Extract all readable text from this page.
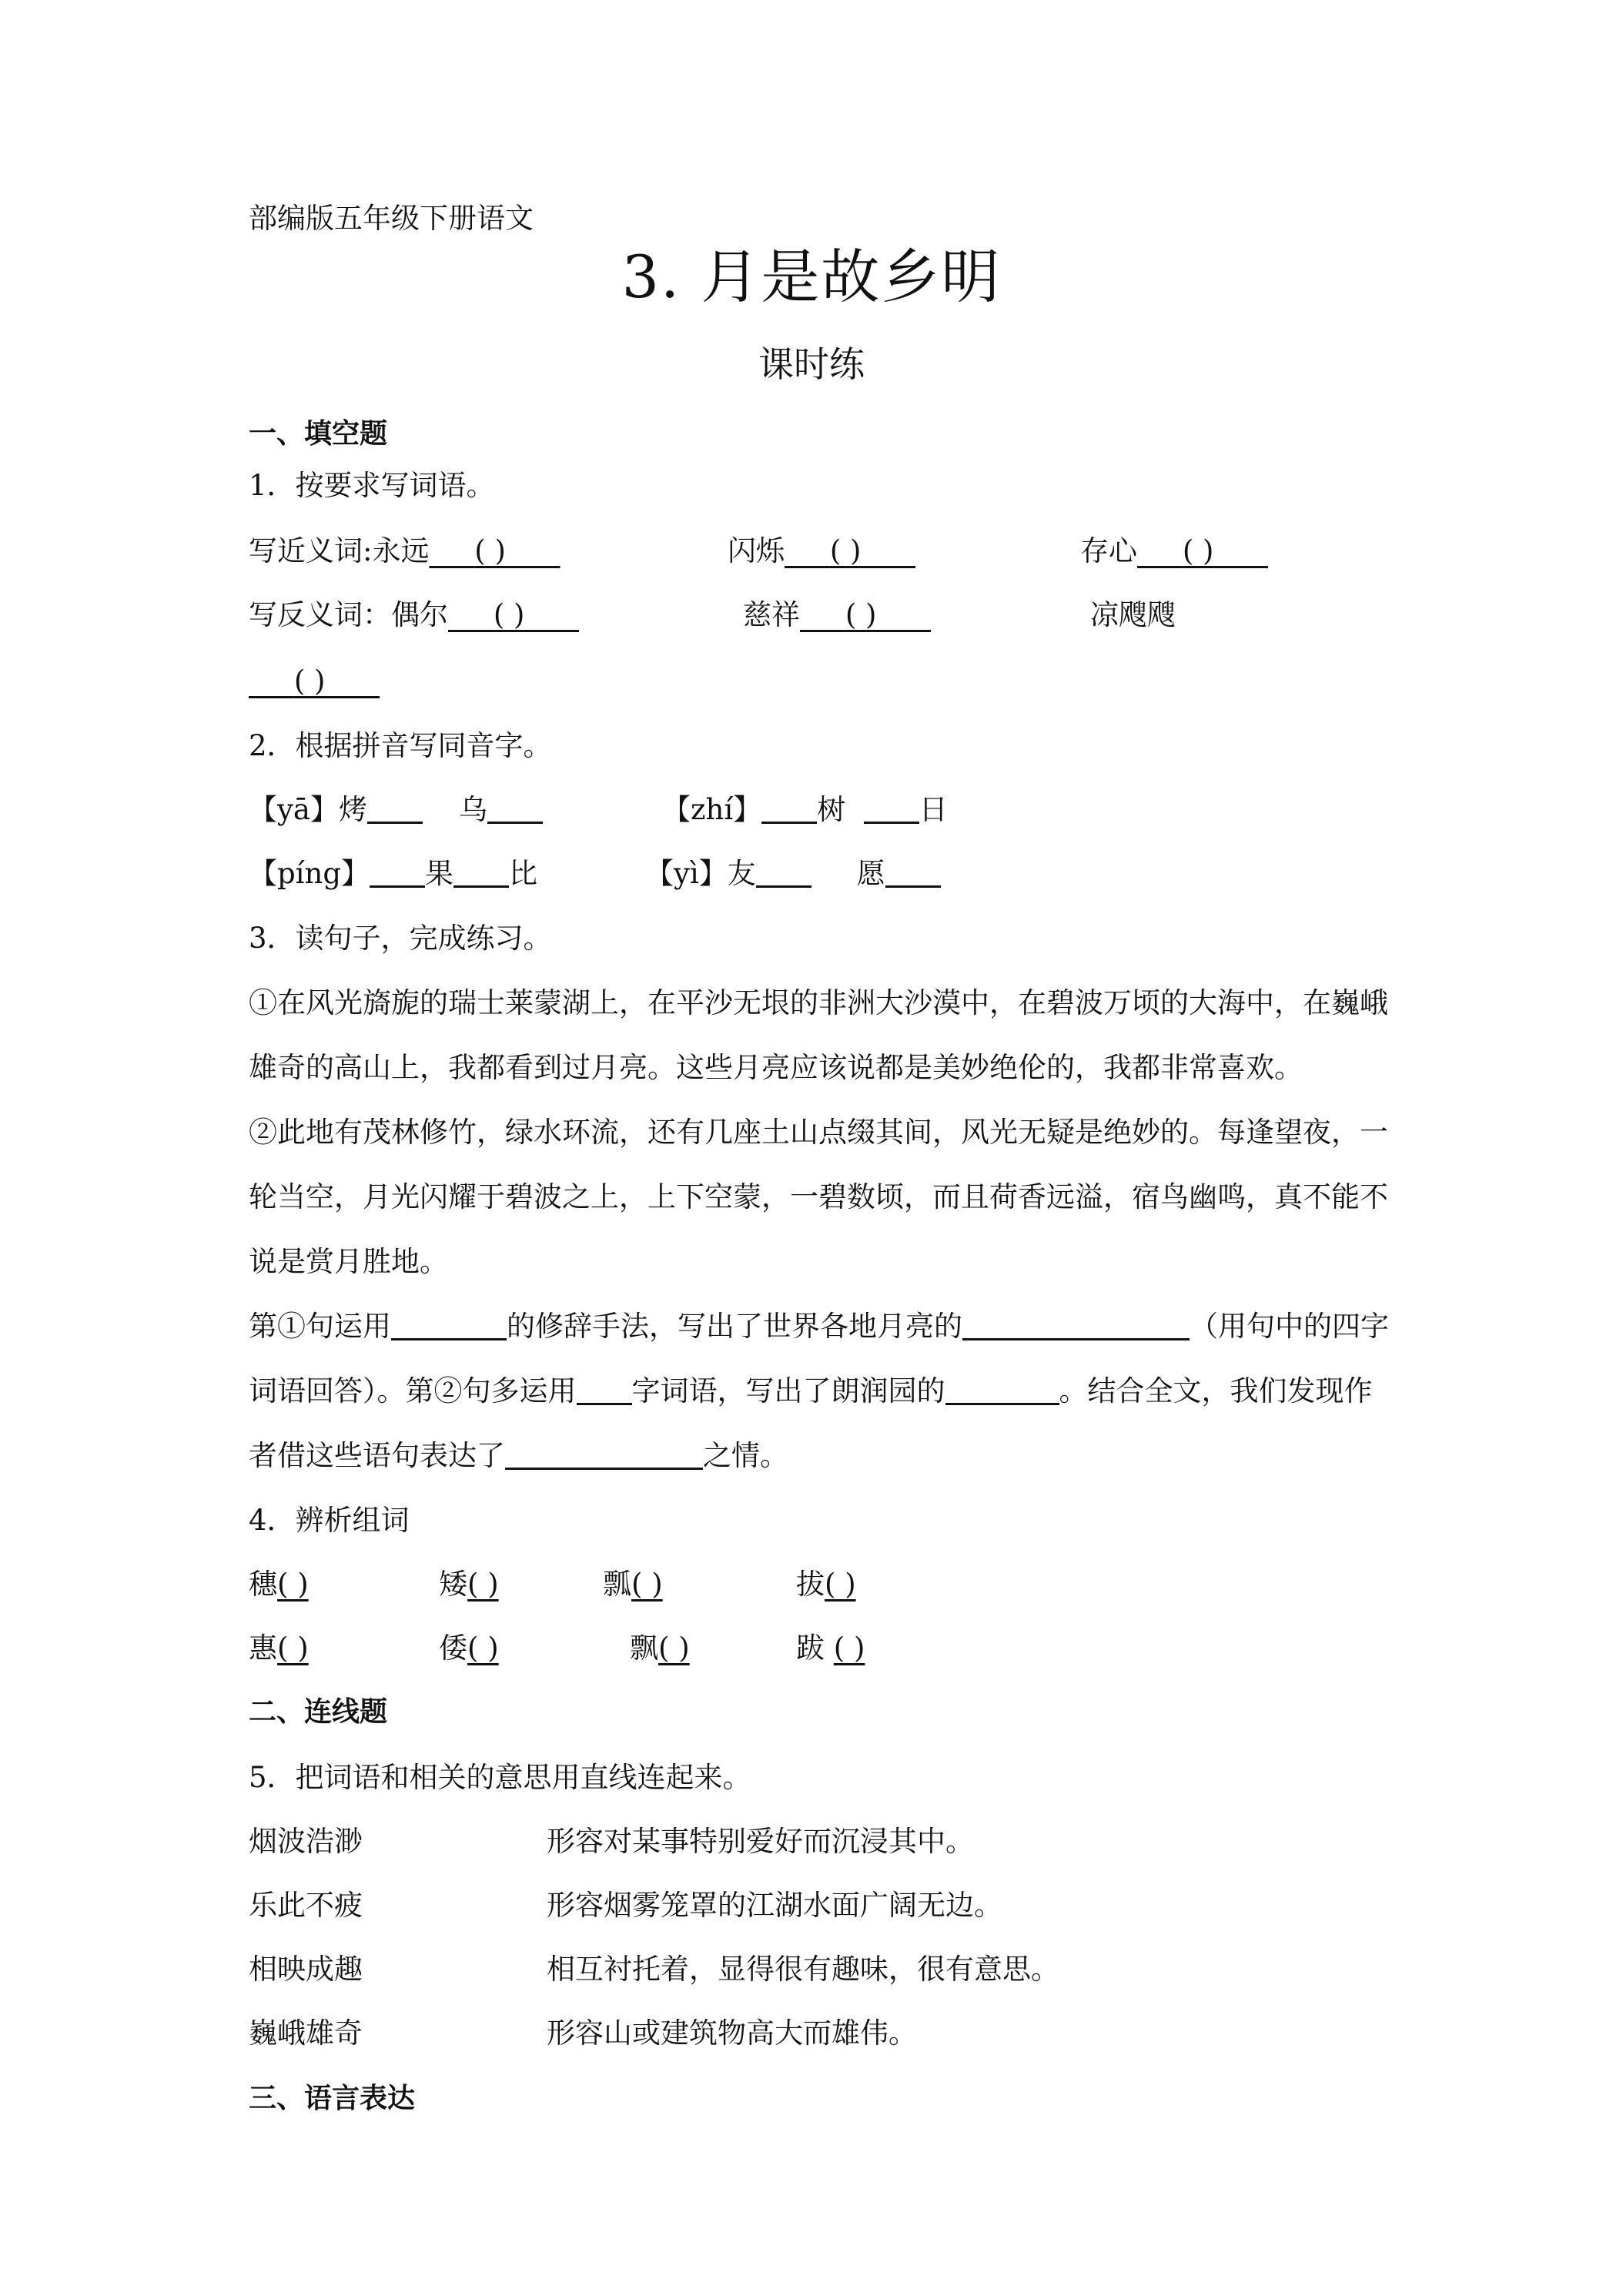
部编版五年级下册语文
3. 月是故乡明
课时练
一、填空题
1．按要求写词语。
写近义词:永远 ( )	闪烁 ( )	存心 ( )
写反义词：偶尔 ( )	慈祥 ( )	凉飕飕
( )
2．根据拼音写同音字。
【yā】烤	乌	【zhí】 树	日
【píng】 果 比	【yì】友	愿
3．读句子，完成练习。
①在风光旖旎的瑞士莱蒙湖上，在平沙无垠的非洲大沙漠中，在碧波万顷的大海中，在巍峨
雄奇的高山上，我都看到过月亮。这些月亮应该说都是美妙绝伦的，我都非常喜欢。
②此地有茂林修竹，绿水环流，还有几座土山点缀其间，风光无疑是绝妙的。每逢望夜，一
轮当空，月光闪耀于碧波之上，上下空蒙，一碧数顷，而且荷香远溢，宿鸟幽鸣，真不能不
说是赏月胜地。
第①句运用	的修辞手法，写出了世界各地月亮的	（用句中的四字
词语回答）。第②句多运用 字词语，写出了朗润园的	。结合全文，我们发现作
者借这些语句表达了	之情。
4．辨析组词
穗( )	矮( )	瓢( )	拔( )
惠( )	倭( )	飘( )	跋 ( )
二、连线题
5．把词语和相关的意思用直线连起来。
烟波浩渺	形容对某事特别爱好而沉浸其中。
乐此不疲	形容烟雾笼罩的江湖水面广阔无边。
相映成趣	相互衬托着，显得很有趣味，很有意思。
巍峨雄奇	形容山或建筑物高大而雄伟。
三、语言表达
